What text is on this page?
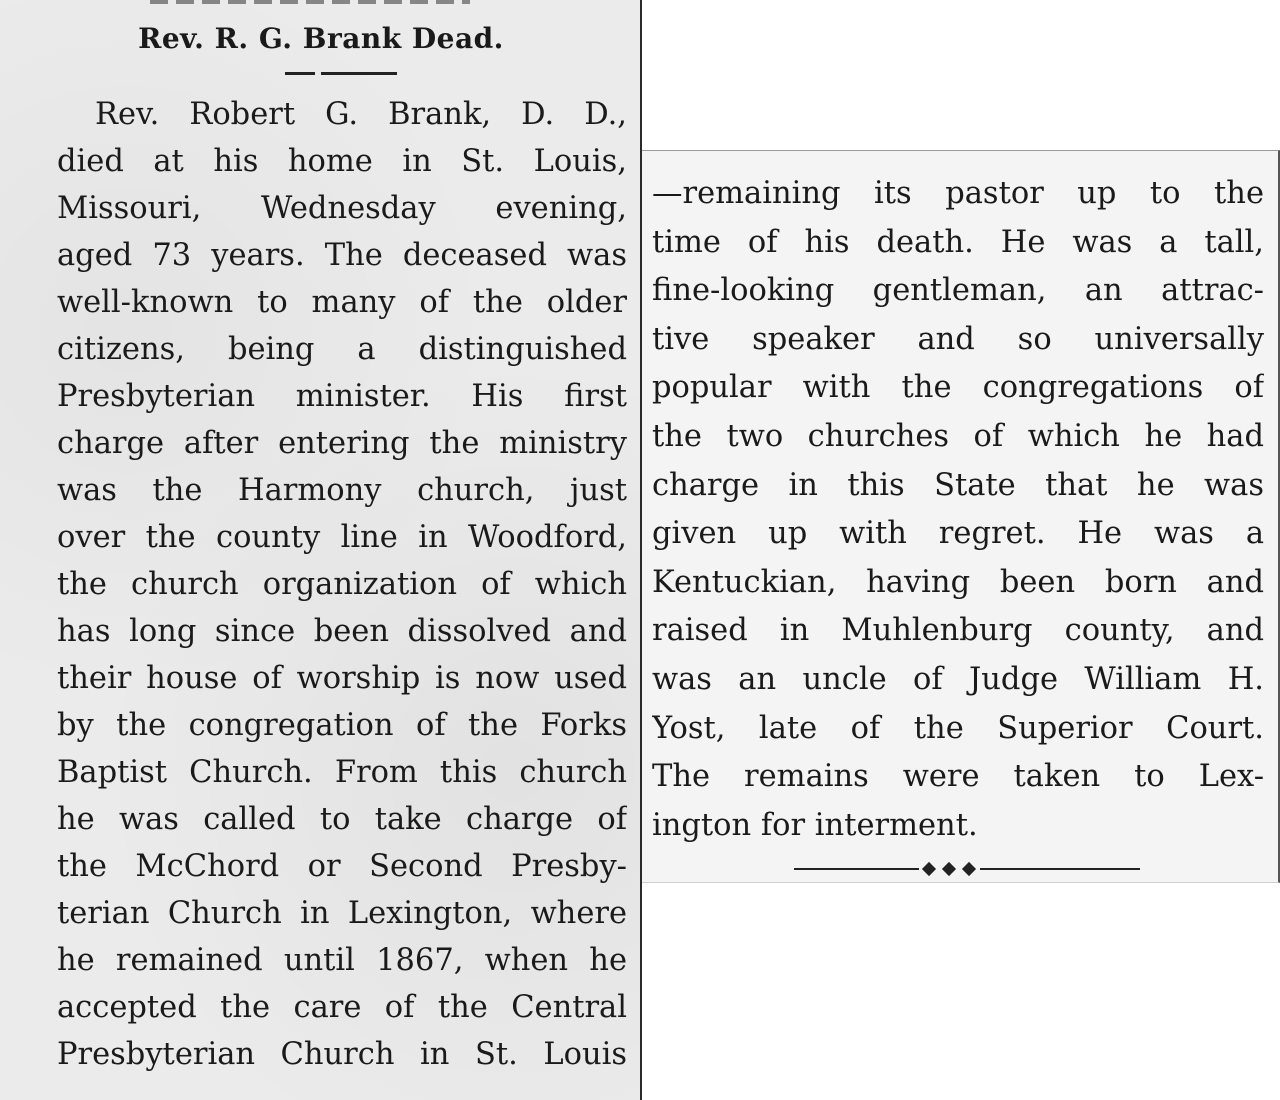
Rev. R. G. Brank Dead.
Rev. Robert G. Brank, D. D.,
died at his home in St. Louis,
Missouri, Wednesday evening,
aged 73 years. The deceased was
well-known to many of the older
citizens, being a distinguished
Presbyterian minister. His first
charge after entering the ministry
was the Harmony church, just
over the county line in Woodford,
the church organization of which
has long since been dissolved and
their house of worship is now used
by the congregation of the Forks
Baptist Church. From this church
he was called to take charge of
the McChord or Second Presby-
terian Church in Lexington, where
he remained until 1867, when he
accepted the care of the Central
Presbyterian Church in St. Louis
—remaining its pastor up to the
time of his death. He was a tall,
fine-looking gentleman, an attrac-
tive speaker and so universally
popular with the congregations of
the two churches of which he had
charge in this State that he was
given up with regret. He was a
Kentuckian, having been born and
raised in Muhlenburg county, and
was an uncle of Judge William H.
Yost, late of the Superior Court.
The remains were taken to Lex-
ington for interment.
